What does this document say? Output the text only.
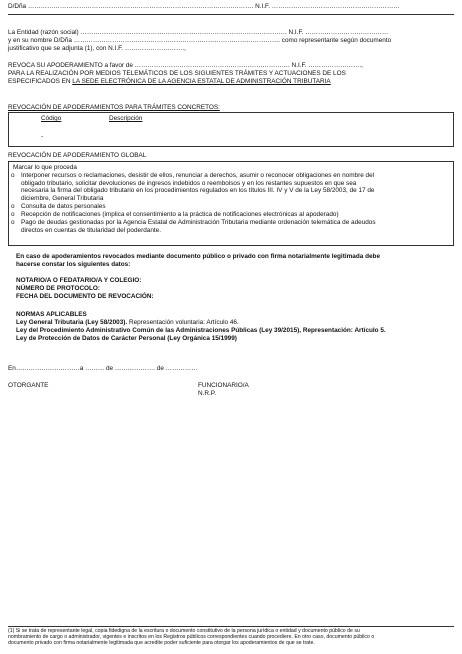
D/Dña ……………………………………………………………………………………………. N.I.F. ……………………………………………………
La Entidad (razón social) ……………………………………………………………………………………. N.I.F. …………………………………
y en su nombre D/Dña ……………………………………………………………………………………. como representante según documento
justificativo que se adjunta (1), con N.I.F. ……………………….,
REVOCA SU APODERAMIENTO a favor de ………………………………………………………………. N.I.F. …………………….,
PARA LA REALIZACIÓN POR MEDIOS TELEMÁTICOS DE LOS SIGUIENTES TRÁMITES Y ACTUACIONES DE LOS
ESPECIFICADOS EN LA SEDE ELECTRÓNICA DE LA AGENCIA ESTATAL DE ADMINISTRACIÓN TRIBUTARIA
REVOCACIÓN DE APODERAMIENTOS PARA TRÁMITES CONCRETOS:
Código	Descripción
-
REVOCACIÓN DE APODERAMIENTO GLOBAL
Marcar lo que proceda
o Interponer recursos o reclamaciones, desistir de ellos, renunciar a derechos, asumir o reconocer obligaciones en nombre del
obligado tributario, solicitar devoluciones de ingresos indebidos o reembolsos y en los restantes supuestos en que sea
necesaria la firma del obligado tributario en los procedimientos regulados en los títulos III. IV y V de la Ley 58/2003, de 17 de
diciembre, General Tributaria
o Consulta de datos personales
o Recepción de notificaciones (implica el consentimiento a la práctica de notificaciones electrónicas al apoderado)
o Pago de deudas gestionadas por la Agencia Estatal de Administración Tributaria mediante ordenación telemática de adeudos
directos en cuentas de titularidad del poderdante.
En caso de apoderamientos revocados mediante documento público o privado con firma notarialmente legitimada debe
hacerse constar los siguientes datos:
NOTARIO/A O FEDATARIO/A Y COLEGIO:
NÚMERO DE PROTOCOLO:
FECHA DEL DOCUMENTO DE REVOCACIÓN:
NORMAS APLICABLES
Ley General Tributaria (Ley 58/2003). Representación voluntaria: Artículo 46.
Ley del Procedimiento Administrativo Común de las Administraciones Públicas (Ley 39/2015), Representación: Artículo 5.
Ley de Protección de Datos de Carácter Personal (Ley Orgánica 15/1999)
En…………………………a ……… de ………………. de ……………
OTORGANTE	FUNCIONARIO/A
N.R.P.
(1) Si se trata de representante legal, copia fidedigna de la escritura o documento constitutivo de la persona jurídica o entidad y documento público de su
nombramiento de cargo o administrador, vigentes e inscritos en los Registros públicos correspondientes cuando procediere. En otro caso, documento público o
documento privado con firma notarialmente legitimada que acredite poder suficiente para otorgar los apoderamientos de que se trate.
